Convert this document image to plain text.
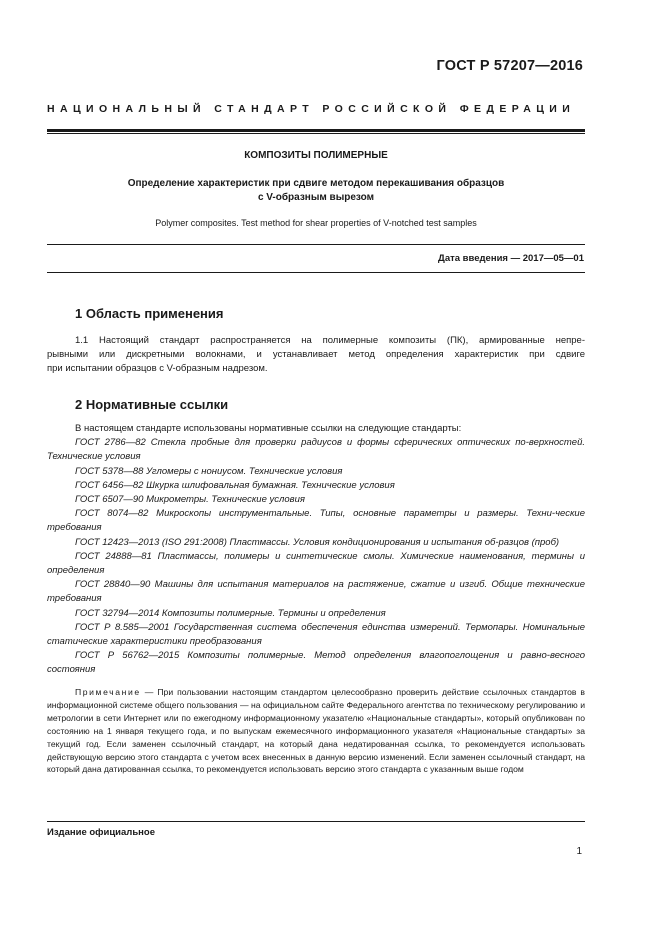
ГОСТ Р 57207—2016
НАЦИОНАЛЬНЫЙ СТАНДАРТ РОССИЙСКОЙ ФЕДЕРАЦИИ
КОМПОЗИТЫ ПОЛИМЕРНЫЕ
Определение характеристик при сдвиге методом перекашивания образцов
с V-образным вырезом
Polymer composites. Test method for shear properties of V-notched test samples
Дата введения — 2017—05—01
1 Область применения
1.1 Настоящий стандарт распространяется на полимерные композиты (ПК), армированные непре-
рывными или дискретными волокнами, и устанавливает метод определения характеристик при сдвиге
при испытании образцов с V-образным надрезом.
2 Нормативные ссылки
В настоящем стандарте использованы нормативные ссылки на следующие стандарты:
ГОСТ 2786—82 Стекла пробные для проверки радиусов и формы сферических оптических по-верхностей. Технические условия
ГОСТ 5378—88 Угломеры с нониусом. Технические условия
ГОСТ 6456—82 Шкурка шлифовальная бумажная. Технические условия
ГОСТ 6507—90 Микрометры. Технические условия
ГОСТ 8074—82 Микроскопы инструментальные. Типы, основные параметры и размеры. Техни-ческие требования
ГОСТ 12423—2013 (ISO 291:2008) Пластмассы. Условия кондиционирования и испытания об-разцов (проб)
ГОСТ 24888—81 Пластмассы, полимеры и синтетические смолы. Химические наименования, термины и определения
ГОСТ 28840—90 Машины для испытания материалов на растяжение, сжатие и изгиб. Общие технические требования
ГОСТ 32794—2014 Композиты полимерные. Термины и определения
ГОСТ Р 8.585—2001 Государственная система обеспечения единства измерений. Термопары. Номинальные статические характеристики преобразования
ГОСТ Р 56762—2015 Композиты полимерные. Метод определения влагопоглощения и равно-весного состояния
Примечание — При пользовании настоящим стандартом целесообразно проверить действие ссылочных стандартов в информационной системе общего пользования — на официальном сайте Федерального агентства по техническому регулированию и метрологии в сети Интернет или по ежегодному информационному указателю «Национальные стандарты», который опубликован по состоянию на 1 января текущего года, и по выпускам ежемесячного информационного указателя «Национальные стандарты» за текущий год. Если заменен ссылочный стандарт, на который дана недатированная ссылка, то рекомендуется использовать действующую версию этого стандарта с учетом всех внесенных в данную версию изменений. Если заменен ссылочный стандарт, на который дана датированная ссылка, то рекомендуется использовать версию этого стандарта с указанным выше годом
Издание официальное
1
